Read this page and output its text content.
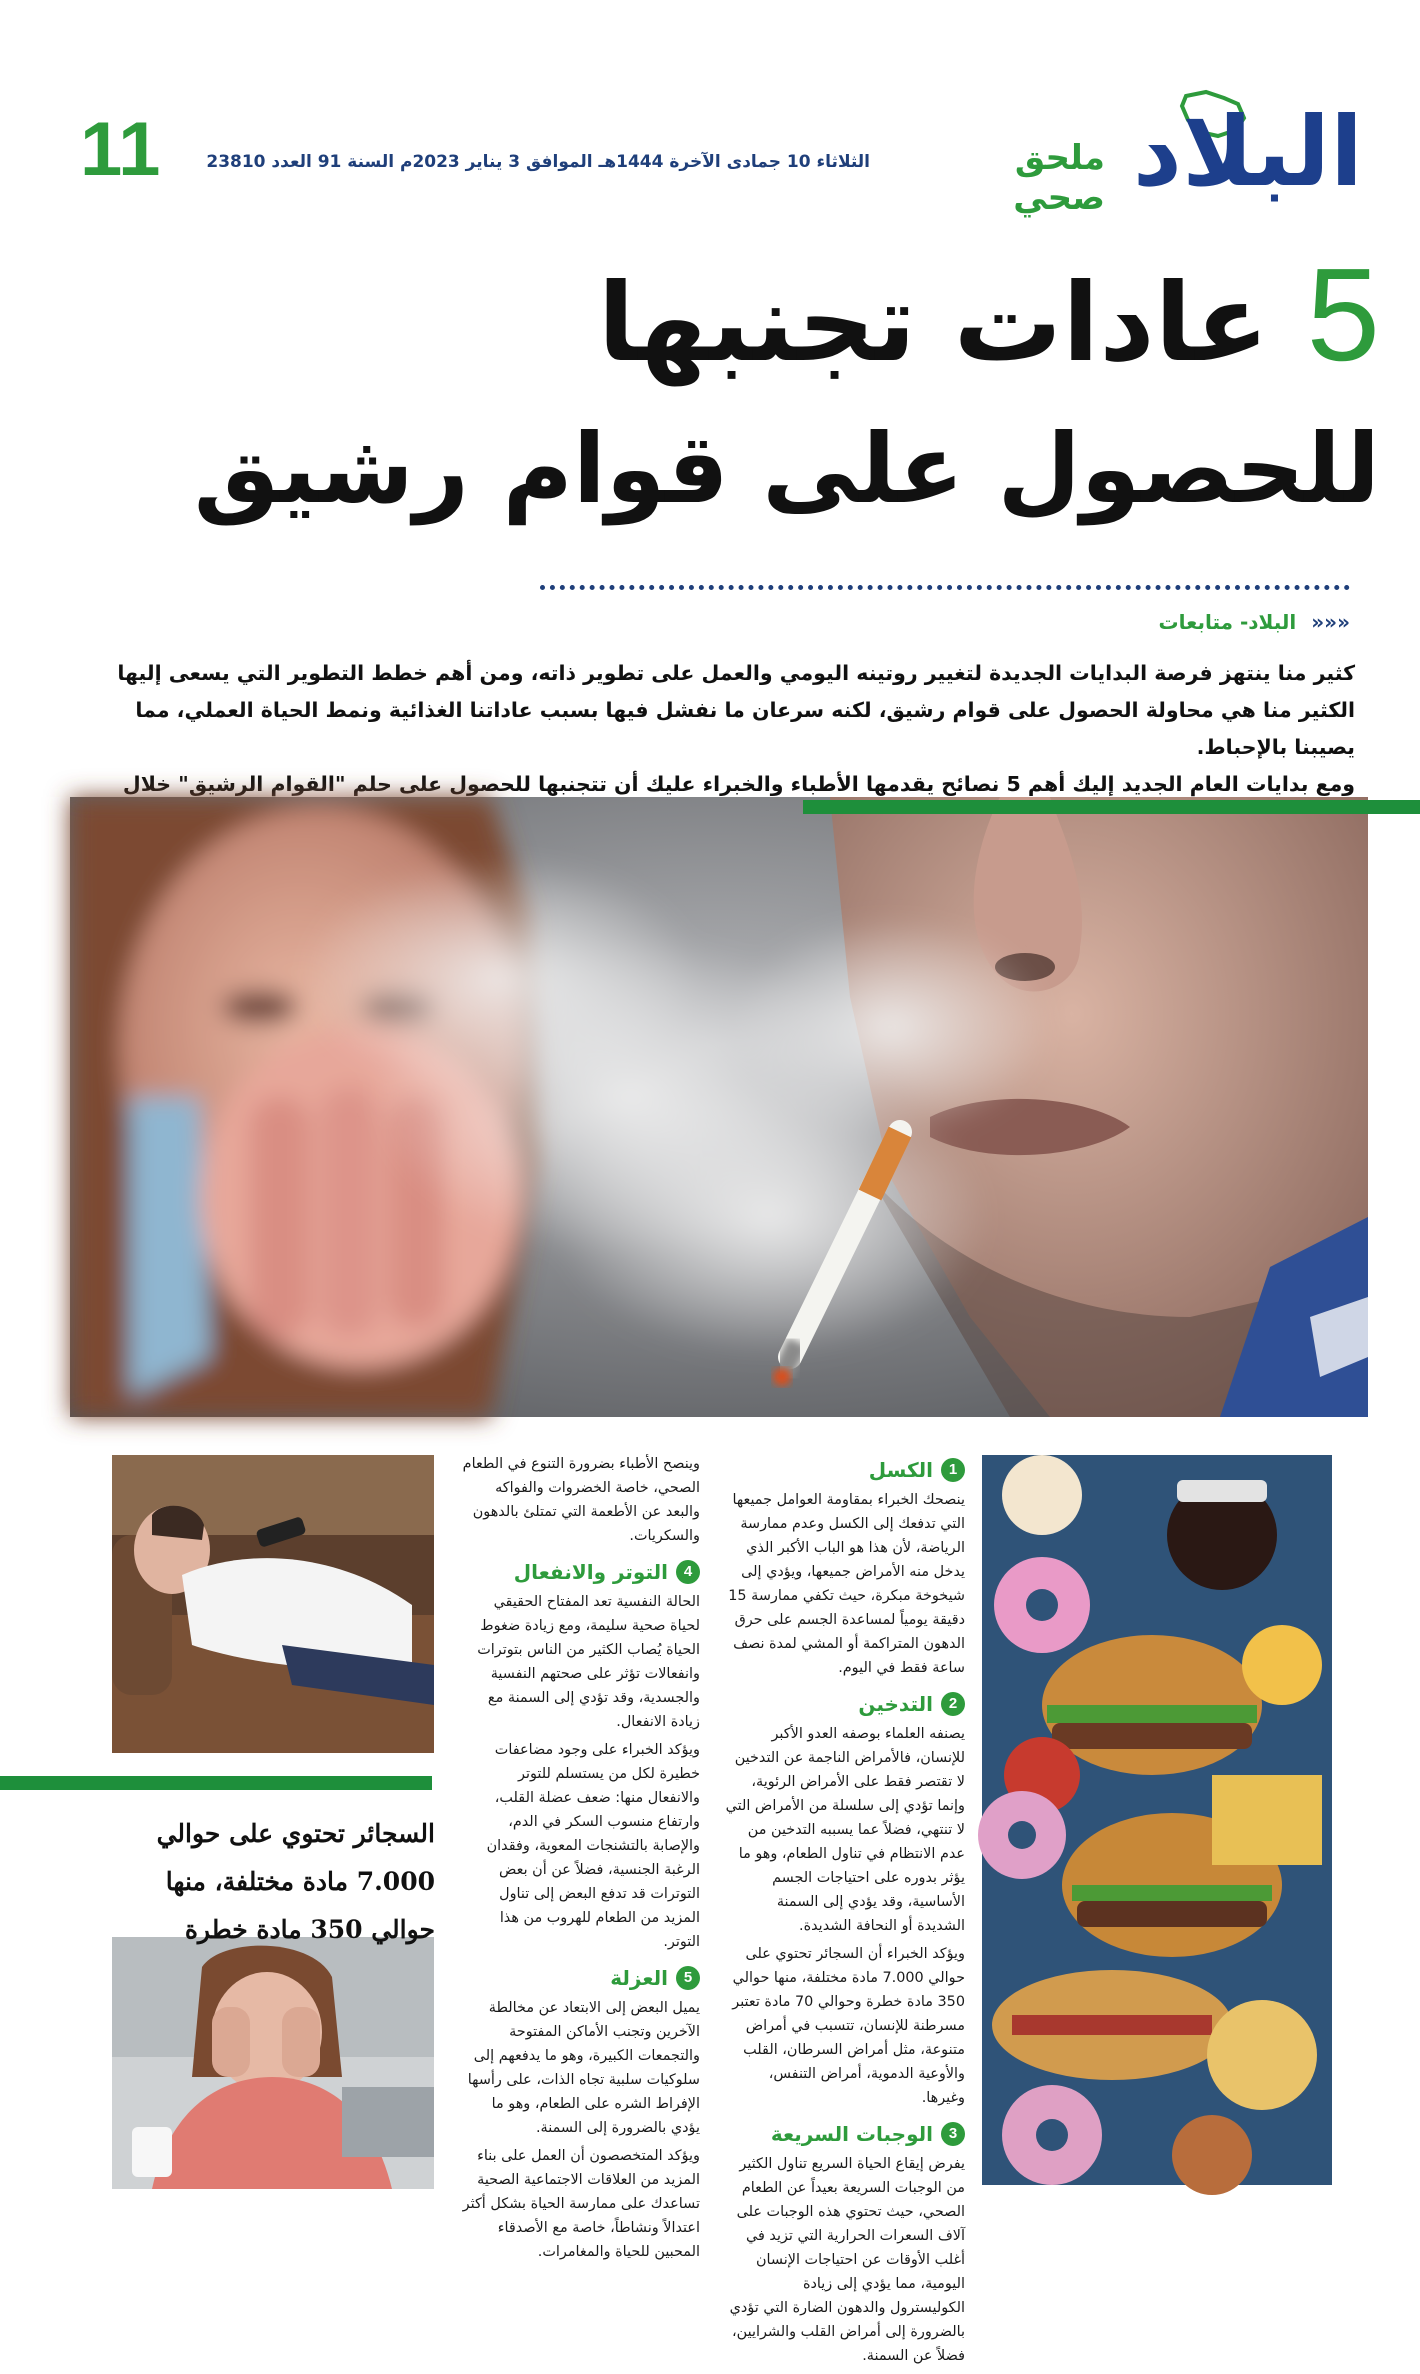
البلاد
ملحق صحي
الثلاثاء 10 جمادى الآخرة 1444هـ الموافق 3 يناير 2023م السنة 91 العدد 23810
11
5 عادات تجنبها
للحصول على قوام رشيق
««« البلاد- متابعات

كثير منا ينتهز فرصة البدايات الجديدة لتغيير روتينه اليومي والعمل على تطوير ذاته، ومن أهم خطط التطوير التي يسعى إليها الكثير منا هي محاولة الحصول على قوام رشيق، لكنه سرعان ما نفشل فيها بسبب عاداتنا الغذائية ونمط الحياة العملي، مما يصيبنا بالإحباط.

ومع بدايات العام الجديد إليك أهم 5 نصائح يقدمها الأطباء والخبراء عليك أن تتجنبها للحصول على حلم "القوام الرشيق" خلال

1
الكسل

ينصحك الخبراء بمقاومة العوامل جميعها التي تدفعك إلى الكسل وعدم ممارسة الرياضة، لأن هذا هو الباب الأكبر الذي يدخل منه الأمراض جميعها، ويؤدي إلى شيخوخة مبكرة، حيث تكفي ممارسة 15 دقيقة يومياً لمساعدة الجسم على حرق الدهون المتراكمة أو المشي لمدة نصف ساعة فقط في اليوم.

2
التدخين

يصنفه العلماء بوصفه العدو الأكبر للإنسان، فالأمراض الناجمة عن التدخين لا تقتصر فقط على الأمراض الرئوية، وإنما تؤدي إلى سلسلة من الأمراض التي لا تنتهي، فضلاً عما يسببه التدخين من عدم الانتظام في تناول الطعام، وهو ما يؤثر بدوره على احتياجات الجسم الأساسية، وقد يؤدي إلى السمنة الشديدة أو النحافة الشديدة.

ويؤكد الخبراء أن السجائر تحتوي على حوالي 7.000 مادة مختلفة، منها حوالي 350 مادة خطرة وحوالي 70 مادة تعتبر مسرطنة للإنسان، تتسبب في أمراض متنوعة، مثل أمراض السرطان، القلب والأوعية الدموية، أمراض التنفس، وغيرها.

3
الوجبات السريعة

يفرض إيقاع الحياة السريع تناول الكثير من الوجبات السريعة بعيداً عن الطعام الصحي، حيث تحتوي هذه الوجبات على آلاف السعرات الحرارية التي تزيد في أغلب الأوقات عن احتياجات الإنسان اليومية، مما يؤدي إلى زيادة الكوليسترول والدهون الضارة التي تؤدي بالضرورة إلى أمراض القلب والشرايين، فضلاً عن السمنة.

وينصح الأطباء بضرورة التنوع في الطعام الصحي، خاصة الخضروات والفواكه والبعد عن الأطعمة التي تمتلئ بالدهون والسكريات.

4
التوتر والانفعال

الحالة النفسية تعد المفتاح الحقيقي لحياة صحية سليمة، ومع زيادة ضغوط الحياة يُصاب الكثير من الناس بتوترات وانفعالات تؤثر على صحتهم النفسية والجسدية، وقد تؤدي إلى السمنة مع زيادة الانفعال.

ويؤكد الخبراء على وجود مضاعفات خطيرة لكل من يستسلم للتوتر والانفعال منها: ضعف عضلة القلب، وارتفاع منسوب السكر في الدم، والإصابة بالتشنجات المعوية، وفقدان الرغبة الجنسية، فضلاً عن أن بعض التوترات قد تدفع البعض إلى تناول المزيد من الطعام للهروب من هذا التوتر.

5
العزلة

يميل البعض إلى الابتعاد عن مخالطة الآخرين وتجنب الأماكن المفتوحة والتجمعات الكبيرة، وهو ما يدفعهم إلى سلوكيات سلبية تجاه الذات، على رأسها الإفراط الشره على الطعام، وهو ما يؤدي بالضرورة إلى السمنة.

ويؤكد المتخصصون أن العمل على بناء المزيد من العلاقات الاجتماعية الصحية تساعدك على ممارسة الحياة بشكل أكثر اعتدالاً ونشاطاً، خاصة مع الأصدقاء المحبين للحياة والمغامرات.

السجائر تحتوي على حوالي 7.000 مادة مختلفة، منها حوالي 350 مادة خطرة
